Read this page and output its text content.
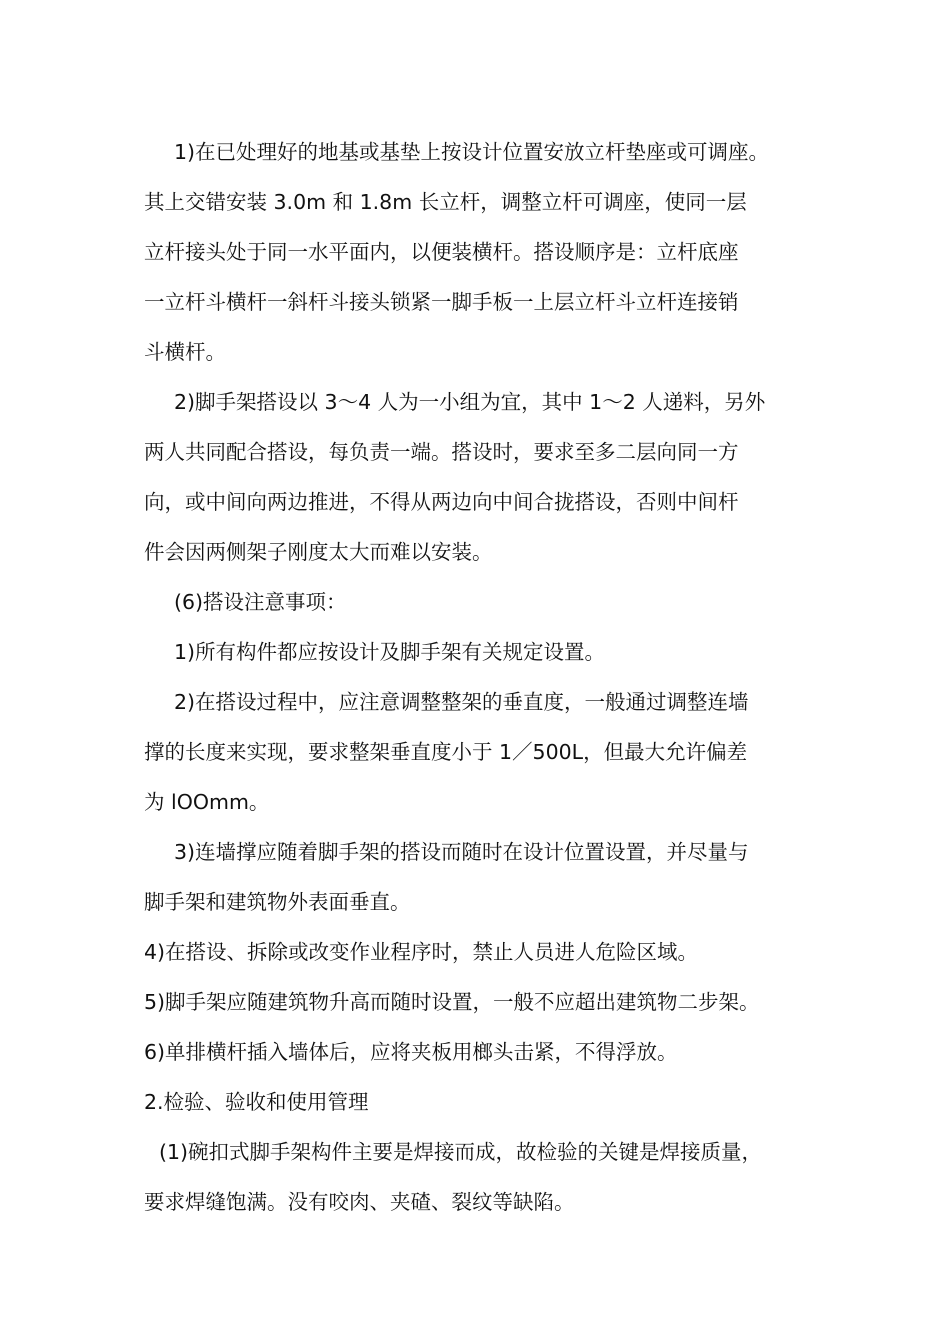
1)在已处理好的地基或基垫上按设计位置安放立杆垫座或可调座。

其上交错安装 3.0m 和 1.8m 长立杆，调整立杆可调座，使同一层

立杆接头处于同一水平面内，以便装横杆。搭设顺序是：立杆底座

一立杆斗横杆一斜杆斗接头锁紧一脚手板一上层立杆斗立杆连接销

斗横杆。

2)脚手架搭设以 3～4 人为一小组为宜，其中 1～2 人递料，另外

两人共同配合搭设，每负责一端。搭设时，要求至多二层向同一方

向，或中间向两边推进，不得从两边向中间合拢搭设，否则中间杆

件会因两侧架子刚度太大而难以安装。

(6)搭设注意事项：

1)所有构件都应按设计及脚手架有关规定设置。

2)在搭设过程中，应注意调整整架的垂直度，一般通过调整连墙

撑的长度来实现，要求整架垂直度小于 1／500L，但最大允许偏差

为 lOOmm。

3)连墙撑应随着脚手架的搭设而随时在设计位置设置，并尽量与

脚手架和建筑物外表面垂直。

4)在搭设、拆除或改变作业程序时，禁止人员进人危险区域。

5)脚手架应随建筑物升高而随时设置，一般不应超出建筑物二步架。

6)单排横杆插入墙体后，应将夹板用榔头击紧，不得浮放。

2.检验、验收和使用管理

(1)碗扣式脚手架构件主要是焊接而成，故检验的关键是焊接质量，

要求焊缝饱满。没有咬肉、夹碴、裂纹等缺陷。
